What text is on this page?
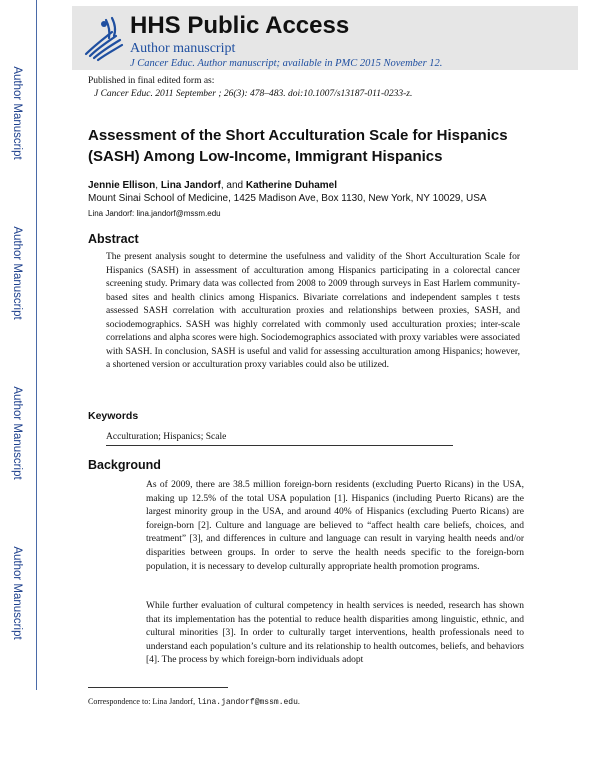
Author Manuscript
Author Manuscript
Author Manuscript
Author Manuscript
HHS Public Access
Author manuscript
J Cancer Educ. Author manuscript; available in PMC 2015 November 12.
Published in final edited form as:
J Cancer Educ. 2011 September ; 26(3): 478–483. doi:10.1007/s13187-011-0233-z.
Assessment of the Short Acculturation Scale for Hispanics (SASH) Among Low-Income, Immigrant Hispanics
Jennie Ellison, Lina Jandorf, and Katherine Duhamel
Mount Sinai School of Medicine, 1425 Madison Ave, Box 1130, New York, NY 10029, USA
Lina Jandorf: lina.jandorf@mssm.edu
Abstract
The present analysis sought to determine the usefulness and validity of the Short Acculturation Scale for Hispanics (SASH) in assessment of acculturation among Hispanics participating in a colorectal cancer screening study. Primary data was collected from 2008 to 2009 through surveys in East Harlem community-based sites and health clinics among Hispanics. Bivariate correlations and independent samples t tests assessed SASH correlation with acculturation proxies and relationships between proxies, SASH, and sociodemographics. SASH was highly correlated with commonly used acculturation proxies; inter-scale correlations and alpha scores were high. Sociodemographics associated with proxy variables were associated with SASH. In conclusion, SASH is useful and valid for assessing acculturation among Hispanics; however, a shortened version or acculturation proxy variables could also be utilized.
Keywords
Acculturation; Hispanics; Scale
Background
As of 2009, there are 38.5 million foreign-born residents (excluding Puerto Ricans) in the USA, making up 12.5% of the total USA population [1]. Hispanics (including Puerto Ricans) are the largest minority group in the USA, and around 40% of Hispanics (excluding Puerto Ricans) are foreign-born [2]. Culture and language are believed to “affect health care beliefs, choices, and treatment” [3], and differences in culture and language can result in varying health needs and/or disparities between groups. In order to serve the health needs specific to the foreign-born population, it is necessary to develop culturally appropriate health promotion programs.
While further evaluation of cultural competency in health services is needed, research has shown that its implementation has the potential to reduce health disparities among linguistic, ethnic, and cultural minorities [3]. In order to culturally target interventions, health professionals need to understand each population’s culture and its relationship to health outcomes, beliefs, and behaviors [4]. The process by which foreign-born individuals adopt
Correspondence to: Lina Jandorf, lina.jandorf@mssm.edu.
